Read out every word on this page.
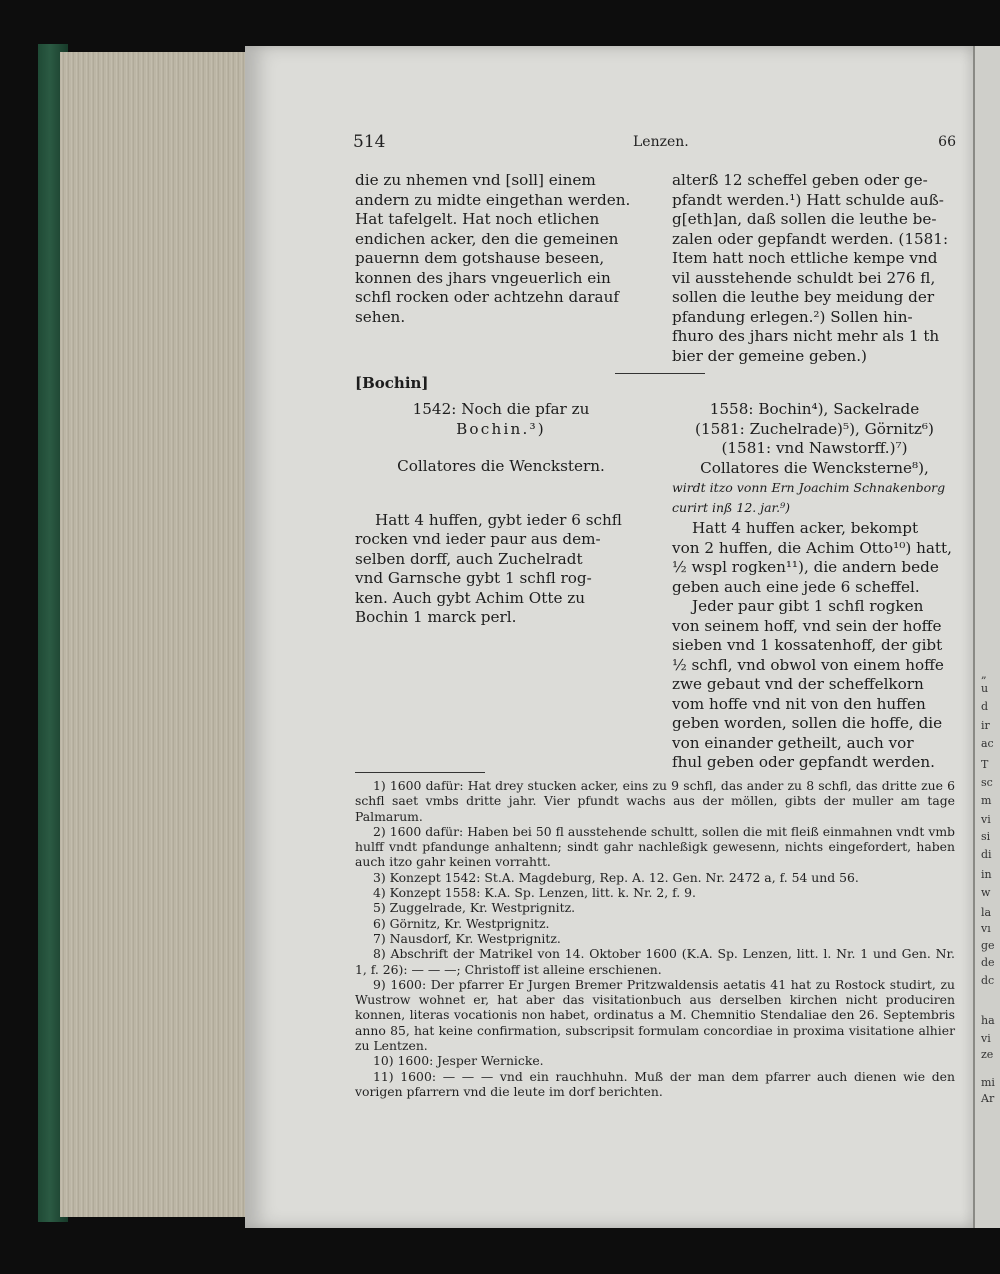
„
u
d
ir
ac
T
sc
m
vi
si
di
in
w
la
vı
ge
de
dc
ha
vi
ze
mi
Ar
514	Lenzen.	66

die zu nhemen vnd [soll] einem

andern zu midte eingethan werden.

Hat tafelgelt. Hat noch etlichen

endichen acker, den die gemeinen

pauernn dem gotshause beseen,

konnen des jhars vngeuerlich ein

schfl rocken oder achtzehn darauf

sehen.

alterß 12 scheffel geben oder ge-

pfandt werden.¹) Hatt schulde auß-

g[eth]an, daß sollen die leuthe be-

zalen oder gepfandt werden. (1581:

Item hatt noch ettliche kempe vnd

vil ausstehende schuldt bei 276 fl,

sollen die leuthe bey meidung der

pfandung erlegen.²) Sollen hin-

fhuro des jhars nicht mehr als 1 th

bier der gemeine geben.)

[Bochin]

1542: Noch die pfar zu

Bochin.³)

Collatores die Wenckstern.

Hatt 4 huffen, gybt ieder 6 schfl

rocken vnd ieder paur aus dem-

selben dorff, auch Zuchelradt

vnd Garnsche gybt 1 schfl rog-

ken. Auch gybt Achim Otte zu

Bochin 1 marck perl.

1558: Bochin⁴), Sackelrade

(1581: Zuchelrade)⁵), Görnitz⁶)

(1581: vnd Nawstorff.)⁷)

Collatores die Wencksterne⁸),

wirdt itzo vonn Ern Joachim Schnakenborg

curirt inß 12. jar.⁹)

Hatt 4 huffen acker, bekompt

von 2 huffen, die Achim Otto¹⁰) hatt,

½ wspl rogken¹¹), die andern bede

geben auch eine jede 6 scheffel.

Jeder paur gibt 1 schfl rogken

von seinem hoff, vnd sein der hoffe

sieben vnd 1 kossatenhoff, der gibt

½ schfl, vnd obwol von einem hoffe

zwe gebaut vnd der scheffelkorn

vom hoffe vnd nit von den huffen

geben worden, sollen die hoffe, die

von einander getheilt, auch vor

fhul geben oder gepfandt werden.

1) 1600 dafür: Hat drey stucken acker, eins zu 9 schfl, das ander zu 8 schfl, das dritte zue 6 schfl saet vmbs dritte jahr. Vier pfundt wachs aus der möllen, gibts der muller am tage Palmarum.

2) 1600 dafür: Haben bei 50 fl ausstehende schultt, sollen die mit fleiß einmahnen vndt vmb hulff vndt pfandunge anhaltenn; sindt gahr nachleßigk gewesenn, nichts eingefordert, haben auch itzo gahr keinen vorrahtt.

3) Konzept 1542: St.A. Magdeburg, Rep. A. 12. Gen. Nr. 2472 a, f. 54 und 56.

4) Konzept 1558: K.A. Sp. Lenzen, litt. k. Nr. 2, f. 9.

5) Zuggelrade, Kr. Westprignitz.

6) Görnitz, Kr. Westprignitz.

7) Nausdorf, Kr. Westprignitz.

8) Abschrift der Matrikel von 14. Oktober 1600 (K.A. Sp. Lenzen, litt. l. Nr. 1 und Gen. Nr. 1, f. 26): — — —; Christoff ist alleine erschienen.

9) 1600: Der pfarrer Er Jurgen Bremer Pritzwaldensis aetatis 41 hat zu Rostock studirt, zu Wustrow wohnet er, hat aber das visitationbuch aus derselben kirchen nicht produciren konnen, literas vocationis non habet, ordinatus a M. Chemnitio Stendaliae den 26. Septembris anno 85, hat keine confirmation, subscripsit formulam concordiae in proxima visitatione alhier zu Lentzen.

10) 1600: Jesper Wernicke.

11) 1600: — — — vnd ein rauchhuhn. Muß der man dem pfarrer auch dienen wie den vorigen pfarrern vnd die leute im dorf berichten.
